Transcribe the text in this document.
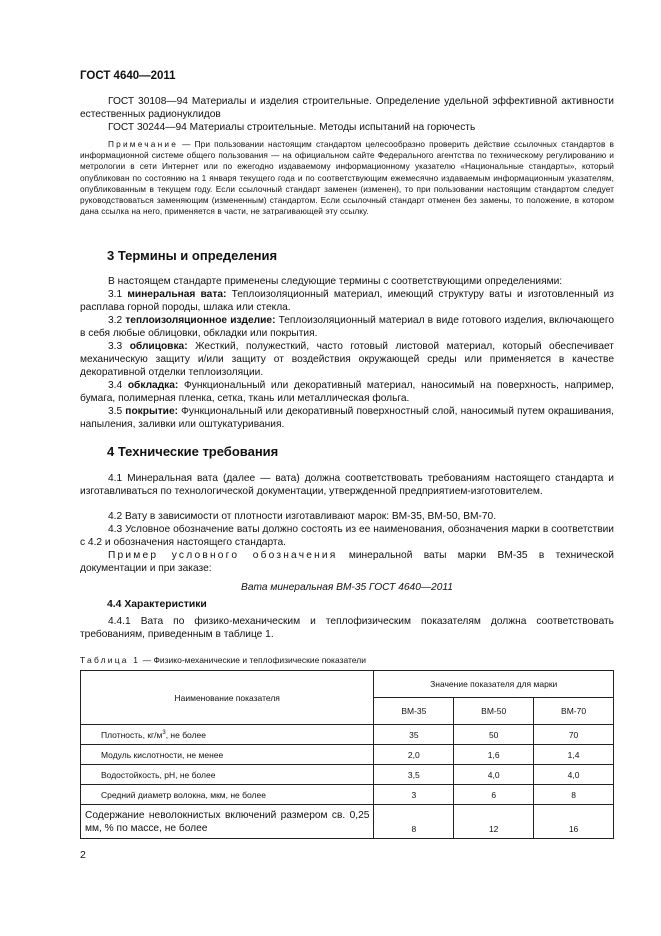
ГОСТ 4640—2011
ГОСТ 30108—94 Материалы и изделия строительные. Определение удельной эффективной активности естественных радионуклидов
ГОСТ 30244—94 Материалы строительные. Методы испытаний на горючесть
Примечание — При пользовании настоящим стандартом целесообразно проверить действие ссылочных стандартов в информационной системе общего пользования — на официальном сайте Федерального агентства по техническому регулированию и метрологии в сети Интернет или по ежегодно издаваемому информационному указателю «Национальные стандарты», который опубликован по состоянию на 1 января текущего года и по соответствующим ежемесячно издаваемым информационным указателям, опубликованным в текущем году. Если ссылочный стандарт заменен (изменен), то при пользовании настоящим стандартом следует руководствоваться заменяющим (измененным) стандартом. Если ссылочный стандарт отменен без замены, то положение, в котором дана ссылка на него, применяется в части, не затрагивающей эту ссылку.
3 Термины и определения
В настоящем стандарте применены следующие термины с соответствующими определениями:
3.1 минеральная вата: Теплоизоляционный материал, имеющий структуру ваты и изготовленный из расплава горной породы, шлака или стекла.
3.2 теплоизоляционное изделие: Теплоизоляционный материал в виде готового изделия, включающего в себя любые облицовки, обкладки или покрытия.
3.3 облицовка: Жесткий, полужесткий, часто готовый листовой материал, который обеспечивает механическую защиту и/или защиту от воздействия окружающей среды или применяется в качестве декоративной отделки теплоизоляции.
3.4 обкладка: Функциональный или декоративный материал, наносимый на поверхность, например, бумага, полимерная пленка, сетка, ткань или металлическая фольга.
3.5 покрытие: Функциональный или декоративный поверхностный слой, наносимый путем окрашивания, напыления, заливки или оштукатуривания.
4 Технические требования
4.1 Минеральная вата (далее — вата) должна соответствовать требованиям настоящего стандарта и изготавливаться по технологической документации, утвержденной предприятием-изготовителем.
4.2 Вату в зависимости от плотности изготавливают марок: ВМ-35, ВМ-50, ВМ-70.
4.3 Условное обозначение ваты должно состоять из ее наименования, обозначения марки в соответствии с 4.2 и обозначения настоящего стандарта.
Пример условного обозначения минеральной ваты марки ВМ-35 в технической документации и при заказе:
Вата минеральная ВМ-35 ГОСТ 4640—2011
4.4 Характеристики
4.4.1 Вата по физико-механическим и теплофизическим показателям должна соответствовать требованиям, приведенным в таблице 1.
Таблица 1 — Физико-механические и теплофизические показатели
Наименование показателя	Значение показателя для марки		
	ВМ-35	ВМ-50	ВМ-70
Плотность, $кг/м^3$, не более	35	50	70
Модуль кислотности, не менее	2,0	1,6	1,4
Водостойкость, pH, не более	3,5	4,0	4,0
Средний диаметр волокна, мкм, не более	3	6	8
Содержание неволокнистых включений размером св. 0,25 мм, % по массе, не более	8	12	16
2
